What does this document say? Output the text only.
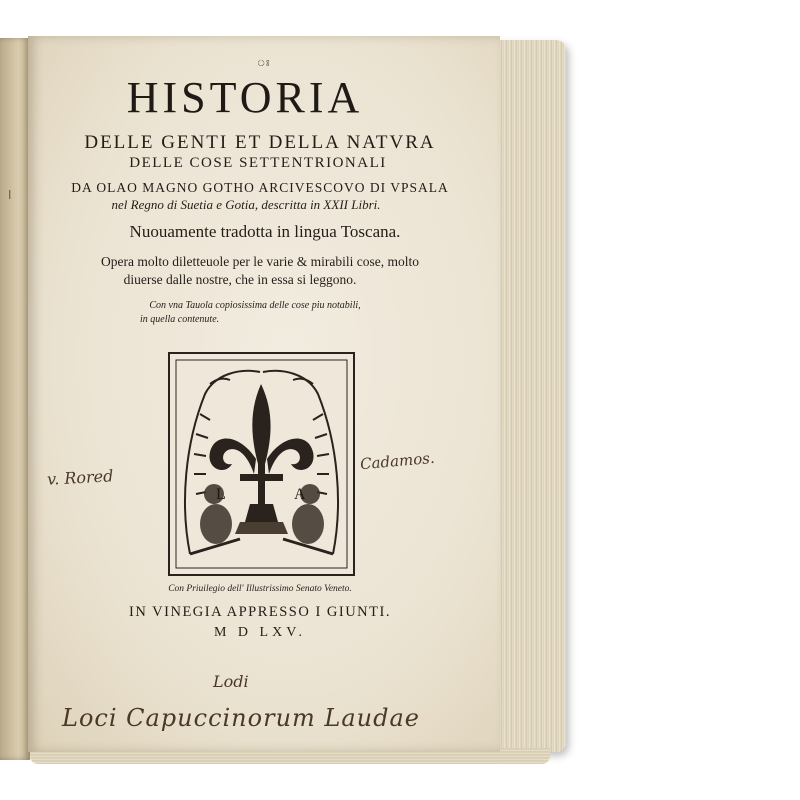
ǀ
ঃ
HISTORIA
DELLE GENTI ET DELLA NATVRA
DELLE COSE SETTENTRIONALI
DA OLAO MAGNO GOTHO ARCIVESCOVO DI VPSALA
nel Regno di Suetia e Gotia, descritta in XXII Libri.
Nuouamente tradotta in lingua Toscana.
Opera molto diletteuole per le varie & mirabili cose, molto
diuerse dalle nostre, che in essa si leggono.
Con vna Tauola copiosissima delle cose piu notabili,
in quella contenute.
L	A
Con Priuilegio dell' Illustrissimo Senato Veneto.
IN VINEGIA APPRESSO I GIUNTI.
M D LXV.
v. Rored
Cadamos.
Lodi
Loci Capuccinorum Laudae
